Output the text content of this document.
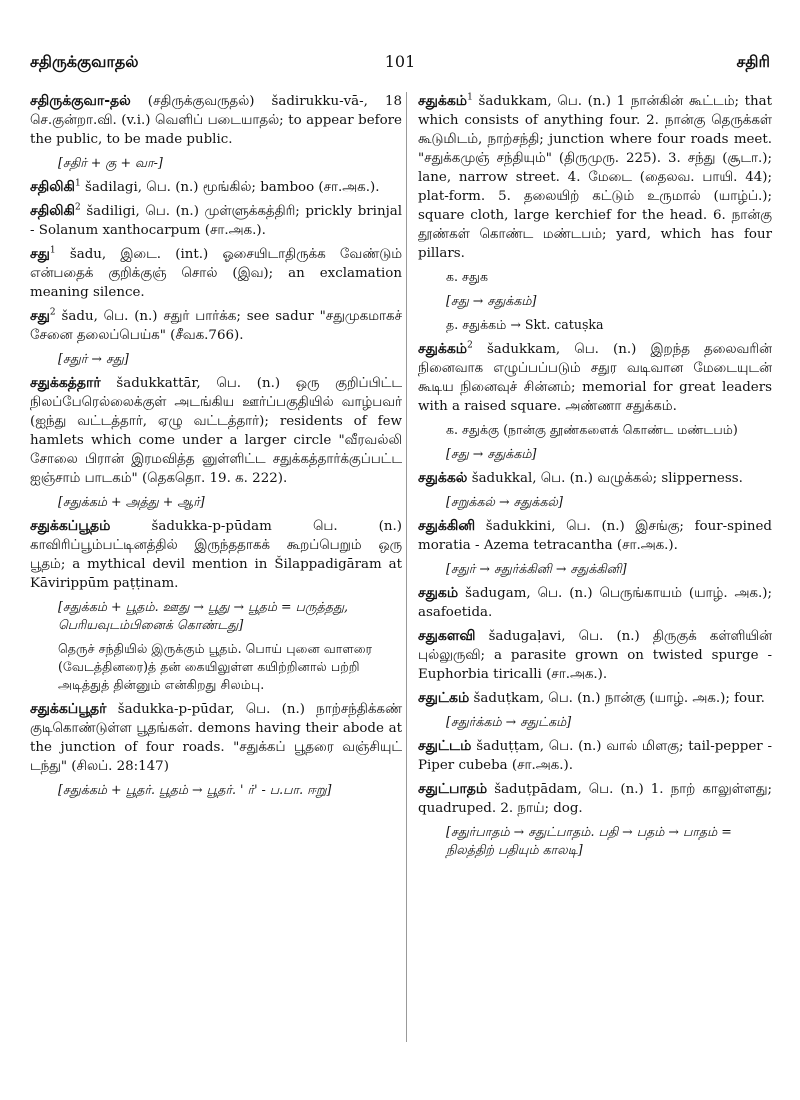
சதிருக்குவாதல்	101	சதிரி
சதிருக்குவா-தல் (சதிருக்குவருதல்) šadirukku-vā-, 18 செ.குன்றா.வி. (v.i.) வெளிப் படையாதல்; to appear before the public, to be made public.
[சதிர் + கு + வா-]
சதிலிகி$^1$ šadilagi, பெ. (n.) மூங்கில்; bamboo (சா.அக.).
சதிலிகி$^2$ šadiligi, பெ. (n.) முள்ளுக்கத்திரி; prickly brinjal - Solanum xanthocarpum (சா.அக.).
சது$^1$ šadu, இடை. (int.) ஓசையிடாதிருக்க வேண்டும் என்பதைக் குறிக்குஞ் சொல் (இவ); an exclamation meaning silence.
சது$^2$ šadu, பெ. (n.) சதுர் பார்க்க; see sadur "சதுமுகமாகச் சேனை தலைப்பெய்க" (சீவக.766).
[சதுர் → சது]
சதுக்கத்தார் šadukkattār, பெ. (n.) ஒரு குறிப்பிட்ட நிலப்பேரெல்லைக்குள் அடங்கிய ஊர்ப்பகுதியில் வாழ்பவர் (ஐந்து வட்டத்தார், ஏழு வட்டத்தார்); residents of few hamlets which come under a larger circle "வீரவல்லி சோலை பிரான் இரமவித்த னுள்ளிட்ட சதுக்கத்தார்க்குப்பட்ட ஐஞ்சாம் பாடகம்" (தெகதொ. 19. க. 222).
[சதுக்கம் + அத்து + ஆர்]
சதுக்கப்பூதம்	šadukka-p-pūdam பெ. (n.) காவிரிப்பூம்பட்டினத்தில் இருந்ததாகக் கூறப்பெறும் ஒரு பூதம்; a mythical devil mention in Šilappadigāram at Kāvirippūm paṭṭinam.
[சதுக்கம் + பூதம். ஊது → பூது → பூதம் = பருத்தது, பெரியவுடம்பினைக் கொண்டது]
தெருச் சந்தியில் இருக்கும் பூதம். பொய் புனை வாளரை (வேடத்தினரை)த் தன் கையிலுள்ள கயிற்றினால் பற்றி அடித்துத் தின்னும் என்கிறது சிலம்பு.
சதுக்கப்பூதர் šadukka-p-pūdar, பெ. (n.) நாற்சந்திக்கண் குடிகொண்டுள்ள பூதங்கள். demons having their abode at the junction of four roads. "சதுக்கப் பூதரை வஞ்சியுட் டந்து" (சிலப். 28:147)
[சதுக்கம் + பூதர். பூதம் → பூதர். ' ர்' - ப.பா. ஈறு]
சதுக்கம்$^1$ šadukkam, பெ. (n.) 1 நான்கின் கூட்டம்; that which consists of anything four. 2. நான்கு தெருக்கள் கூடுமிடம், நாற்சந்தி; junction where four roads meet. "சதுக்கமுஞ் சந்தியும்" (திருமுரு. 225). 3. சந்து (சூடா.); lane, narrow street. 4. மேடை (தைலவ. பாயி. 44); plat-form. 5. தலையிற் கட்டும் உருமால் (யாழ்ப்.); square cloth, large kerchief for the head. 6. நான்கு தூண்கள் கொண்ட மண்டபம்; yard, which has four pillars.
க. சதுக
[சது → சதுக்கம்]
த. சதுக்கம் → Skt. catuṣka
சதுக்கம்$^2$ šadukkam, பெ. (n.) இறந்த தலைவரின் நினைவாக எழுப்பப்படும் சதுர வடிவான மேடையுடன் கூடிய நினைவுச் சின்னம்; memorial for great leaders with a raised square. அண்ணா சதுக்கம்.
க. சதுக்கு (நான்கு தூண்களைக் கொண்ட மண்டபம்)
[சது → சதுக்கம்]
சதுக்கல் šadukkal, பெ. (n.) வழுக்கல்; slipperness.
[சறுக்கல் → சதுக்கல்]
சதுக்கினி šadukkini, பெ. (n.) இசங்கு; four-spined moratia - Azema tetracantha (சா.அக.).
[சதுர் → சதுர்க்கினி → சதுக்கினி]
சதுகம் šadugam, பெ. (n.) பெருங்காயம் (யாழ். அக.); asafoetida.
சதுகளவி šadugaḷavi, பெ. (n.) திருகுக் கள்ளியின் புல்லுருவி; a parasite grown on twisted spurge - Euphorbia tiricalli (சா.அக.).
சதுட்கம் šaduṭkam, பெ. (n.) நான்கு (யாழ். அக.); four.
[சதுர்க்கம் → சதுட்கம்]
சதுட்டம் šaduṭṭam, பெ. (n.) வால் மிளகு; tail-pepper - Piper cubeba (சா.அக.).
சதுட்பாதம் šaduṭpādam, பெ. (n.) 1. நாற் காலுள்ளது; quadruped. 2. நாய்; dog.
[சதுர்பாதம் → சதுட்பாதம். பதி → பதம் → பாதம் = நிலத்திற் பதியும் காலடி]
